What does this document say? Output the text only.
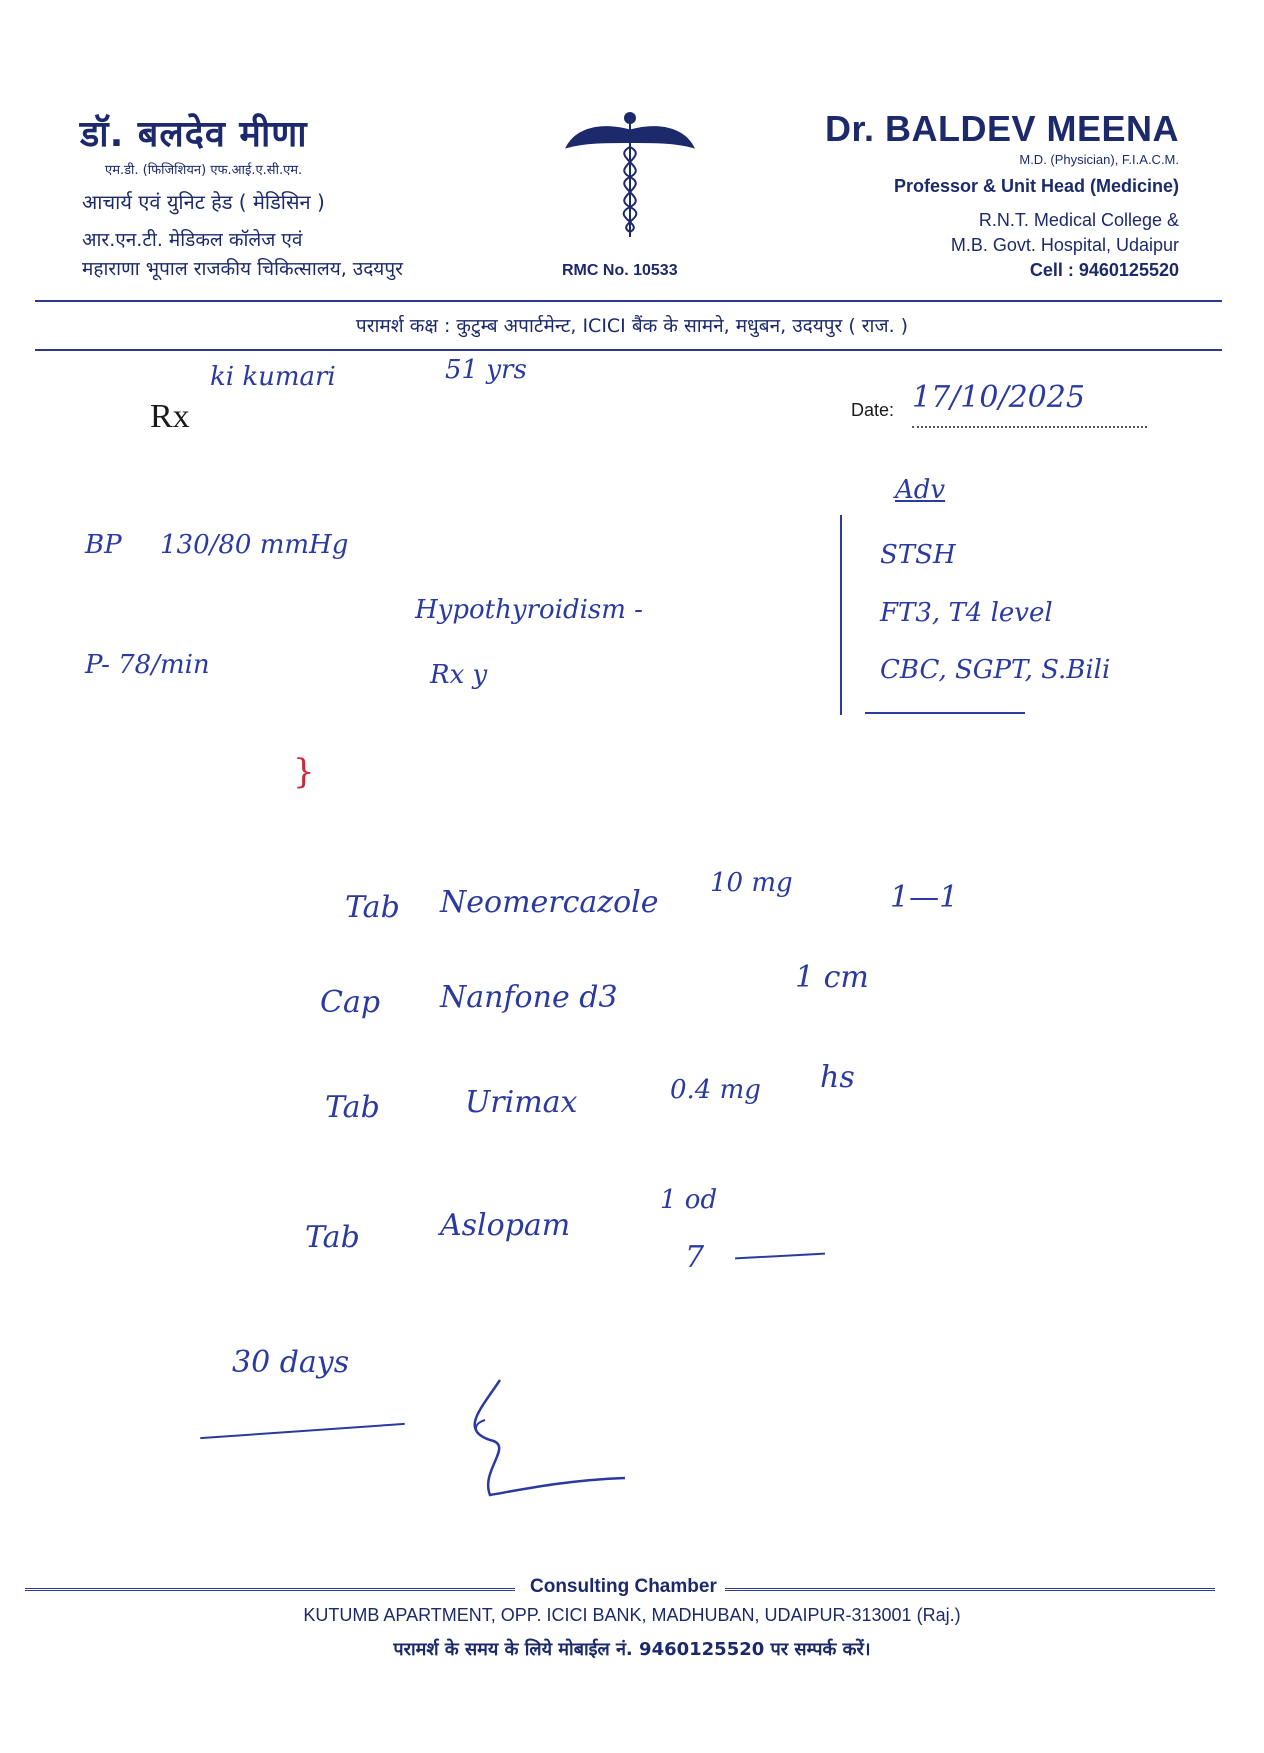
डॉ. बलदेव मीणा
एम.डी. (फिजिशियन) एफ.आई.ए.सी.एम.
आचार्य एवं युनिट हेड ( मेडिसिन )
आर.एन.टी. मेडिकल कॉलेज एवं
महाराणा भूपाल राजकीय चिकित्सालय, उदयपुर	RMC No. 10533
Dr. BALDEV MEENA
M.D. (Physician), F.I.A.C.M.
Professor & Unit Head (Medicine)
R.N.T. Medical College &
M.B. Govt. Hospital, Udaipur
Cell : 9460125520
परामर्श कक्ष : कुटुम्ब अपार्टमेन्ट, ICICI बैंक के सामने, मधुबन, उदयपुर ( राज. )
Rx	Date: 17/10/2025
ki kumari	51 yrs
BP 130/80 mmHg
P- 78/min
Hypothyroidism -
Rx y
Adv
STSH
FT3, T4 level
CBC, SGPT, S.Bili
}
Tab Neomercazole
10 mg	1—1
Cap Nanfone d3
1 cm
Tab	Urimax	0.4 mg hs
Tab	Aslopam
1 od
7
30 days
Consulting Chamber
KUTUMB APARTMENT, OPP. ICICI BANK, MADHUBAN, UDAIPUR-313001 (Raj.)
परामर्श के समय के लिये मोबाईल नं. 9460125520 पर सम्पर्क करें।
